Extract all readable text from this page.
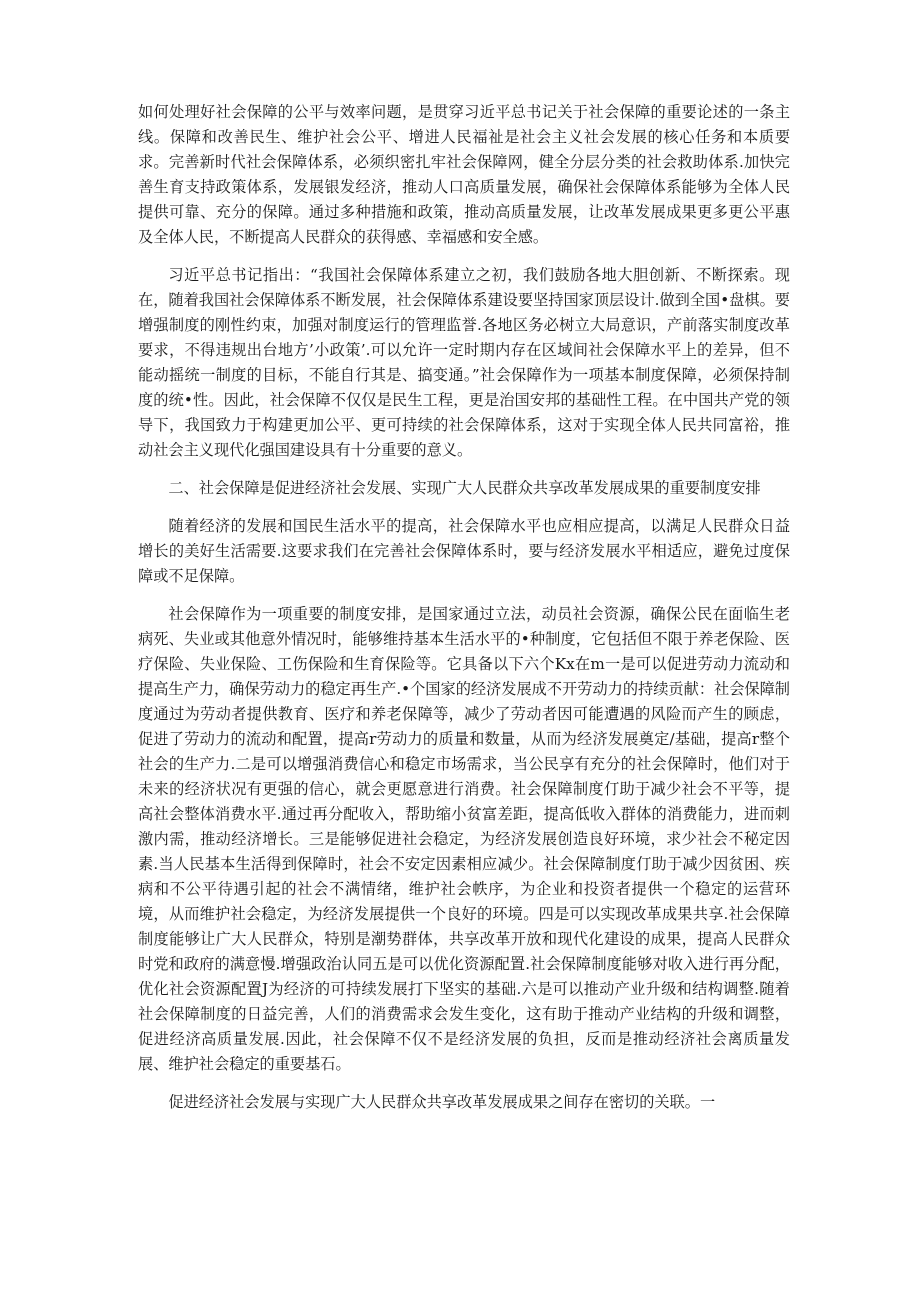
如何处理好社会保障的公平与效率问题，是贯穿习近平总书记关于社会保障的重要论述的一条主线。保障和改善民生、维护社会公平、增进人民福祉是社会主义社会发展的核心任务和本质要求。完善新时代社会保障体系，必须织密扎牢社会保障网，健全分层分类的社会救助体系.加快完善生育支持政策体系，发展银发经济，推动人口高质量发展，确保社会保障体系能够为全体人民提供可靠、充分的保障。通过多种措施和政策，推动高质量发展，让改革发展成果更多更公平惠及全体人民，不断提高人民群众的获得感、幸福感和安全感。

习近平总书记指出：“我国社会保障体系建立之初，我们鼓励各地大胆创新、不断探索。现在，随着我国社会保障体系不断发展，社会保障体系建设要坚持国家顶层设计.做到全国•盘棋。要增强制度的刚性约束，加强对制度运行的管理监誉.各地区务必树立大局意识，产前落实制度改革要求，不得违规出台地方’小政策’.可以允许一定时期内存在区域间社会保障水平上的差异，但不能动摇统一制度的目标，不能自行其是、搞变通。”社会保障作为一项基本制度保障，必须保持制度的统•性。因此，社会保障不仅仅是民生工程，更是治国安邦的基础性工程。在中国共产党的领导下，我国致力于构建更加公平、更可持续的社会保障体系，这对于实现全体人民共同富裕，推动社会主义现代化强国建设具有十分重要的意义。

二、社会保障是促进经济社会发展、实现广大人民群众共享改革发展成果的重要制度安排

随着经济的发展和国民生活水平的提高，社会保障水平也应相应提高，以满足人民群众日益增长的美好生活需要.这要求我们在完善社会保障体系时，要与经济发展水平相适应，避免过度保障或不足保障。

社会保障作为一项重要的制度安排，是国家通过立法，动员社会资源，确保公民在面临生老病死、失业或其他意外情况时，能够维持基本生活水平的•种制度，它包括但不限于养老保险、医疗保险、失业保险、工伤保险和生育保险等。它具备以下六个Kx在m一是可以促进劳动力流动和提高生产力，确保劳动力的稳定再生产.•个国家的经济发展成不开劳动力的持续贡献：社会保障制度通过为劳动者提供教育、医疗和养老保障等，减少了劳动者因可能遭遇的风险而产生的顾虑，促进了劳动力的流动和配置，提高r劳动力的质量和数量，从而为经济发展奠定/基础，提高r整个社会的生产力.二是可以增强消费信心和稳定市场需求，当公民享有充分的社会保障时，他们对于未来的经济状况有更强的信心，就会更愿意进行消费。社会保障制度仃助于减少社会不平等，提高社会整体消费水平.通过再分配收入，帮助缩小贫富差距，提高低收入群体的消费能力，进而刺激内需，推动经济增长。三是能够促进社会稳定，为经济发展创造良好环境，求少社会不秘定因素.当人民基本生活得到保障时，社会不安定因素相应减少。社会保障制度仃助于减少因贫困、疾病和不公平待遇引起的社会不满情绪，维护社会帙序，为企业和投资者提供一个稳定的运营环境，从而维护社会稳定，为经济发展提供一个良好的环境。四是可以实现改革成果共享.社会保障制度能够让广大人民群众，特别是潮势群体，共享改革开放和现代化建设的成果，提高人民群众时党和政府的满意慢.增强政治认同五是可以优化资源配置.社会保障制度能够对收入进行再分配，优化社会资源配置J为经济的可持续发展打下坚实的基础.六是可以推动产业升级和结构调整.随着社会保障制度的日益完善，人们的消费需求会发生变化，这有助于推动产业结构的升级和调整，促进经济高质量发展.因此，社会保障不仅不是经济发展的负担，反而是推动经济社会离质量发展、维护社会稳定的重要基石。

促进经济社会发展与实现广大人民群众共享改革发展成果之间存在密切的关联。一
